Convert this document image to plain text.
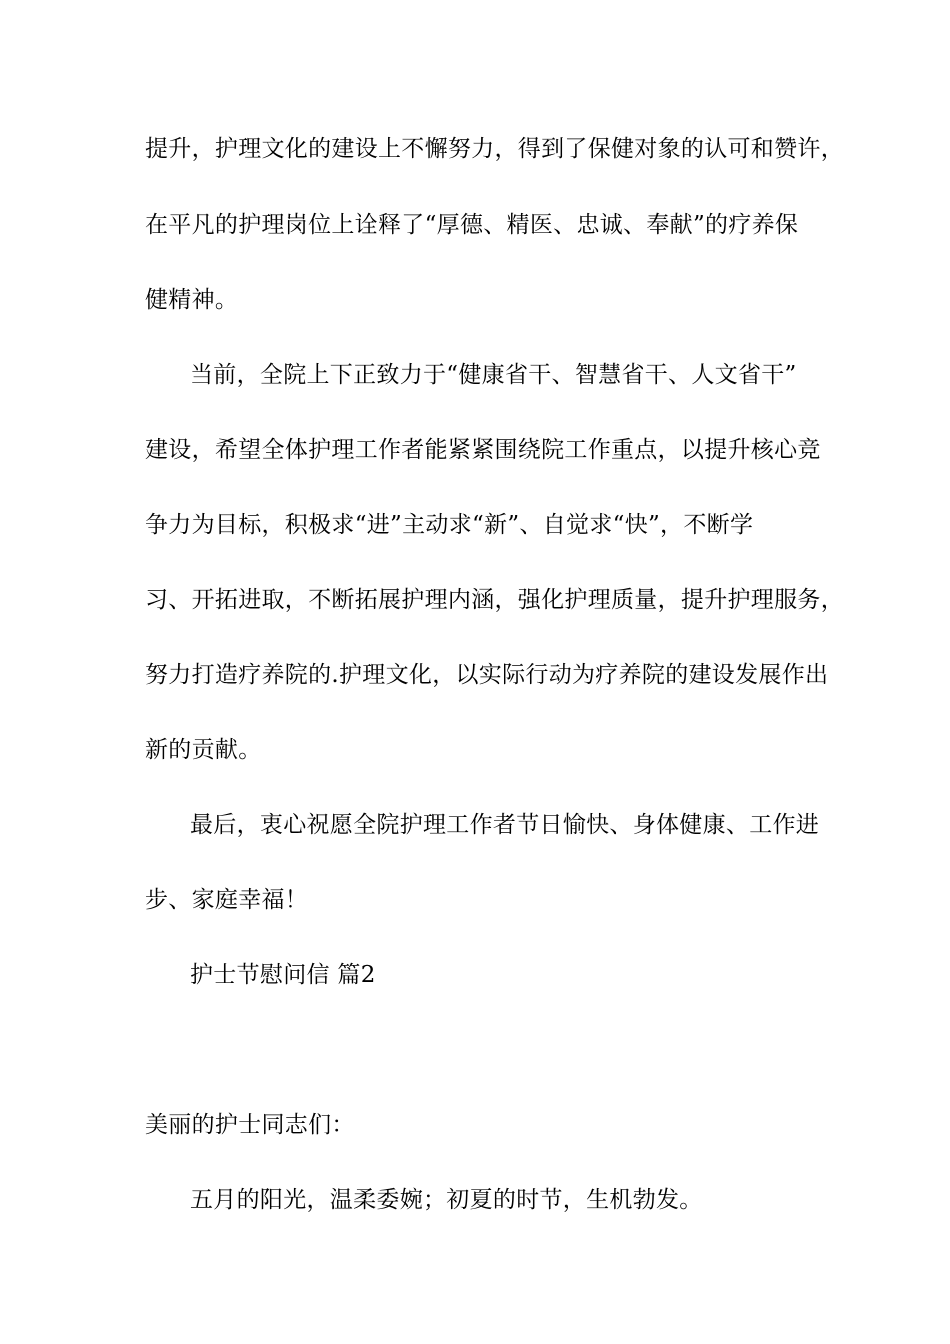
提升，护理文化的建设上不懈努力，得到了保健对象的认可和赞许，
在平凡的护理岗位上诠释了“厚德、精医、忠诚、奉献”的疗养保
健精神。
当前，全院上下正致力于“健康省干、智慧省干、人文省干”
建设，希望全体护理工作者能紧紧围绕院工作重点，以提升核心竞
争力为目标，积极求“进”主动求“新”、自觉求“快”，不断学
习、开拓进取，不断拓展护理内涵，强化护理质量，提升护理服务，
努力打造疗养院的.护理文化，以实际行动为疗养院的建设发展作出
新的贡献。
最后，衷心祝愿全院护理工作者节日愉快、身体健康、工作进
步、家庭幸福！
护士节慰问信 篇2
美丽的护士同志们：
五月的阳光，温柔委婉；初夏的时节，生机勃发。
